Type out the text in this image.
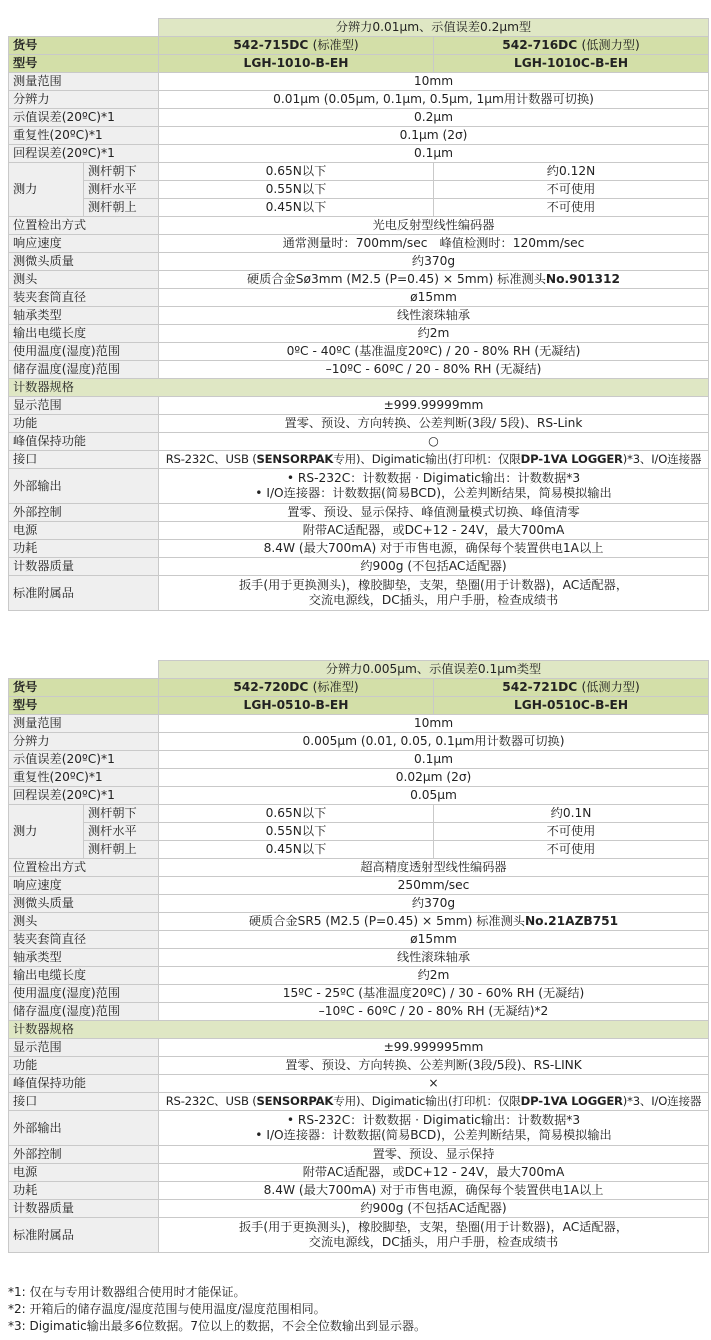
		分辨力0.01μm、示值误差0.2μm型	
货号		542-715DC (标准型)	542-716DC (低测力型)
型号		LGH-1010-B-EH	LGH-1010C-B-EH
测量范围		10mm	
分辨力		0.01μm (0.05μm, 0.1μm, 0.5μm, 1μm用计数器可切换)	
示值误差(20ºC)*1		0.2μm	
重复性(20ºC)*1		0.1μm (2σ)	
回程误差(20ºC)*1		0.1μm	
测力	测杆朝下	0.65N以下	约0.12N
	测杆水平	0.55N以下	不可使用
	测杆朝上	0.45N以下	不可使用
位置检出方式		光电反射型线性编码器	
响应速度		通常测量时：700mm/sec　峰值检测时：120mm/sec	
测微头质量		约370g	
测头		硬质合金Sø3mm (M2.5 (P=0.45) × 5mm) 标准测头No.901312	
装夹套筒直径		ø15mm	
轴承类型		线性滚珠轴承	
输出电缆长度		约2m	
使用温度(湿度)范围		0ºC - 40ºC (基准温度20ºC) / 20 - 80% RH (无凝结)	
储存温度(湿度)范围		–10ºC - 60ºC / 20 - 80% RH (无凝结)	
计数器规格			
显示范围		±999.99999mm	
功能		置零、预设、方向转换、公差判断(3段/ 5段)、RS-Link	
峰值保持功能		○	
接口		RS-232C、USB (SENSORPAK专用)、Digimatic输出(打印机：仅限DP-1VA LOGGER)*3、I/O连接器	
外部输出		• RS-232C：计数数据 · Digimatic输出：计数数据*3
• I/O连接器：计数数据(简易BCD)，公差判断结果，简易模拟输出	

外部控制		置零、预设、显示保持、峰值测量模式切换、峰值清零	
电源		附带AC适配器，或DC+12 - 24V，最大700mA	
功耗		8.4W (最大700mA) 对于市售电源，确保每个装置供电1A以上	
计数器质量		约900g (不包括AC适配器)	
标准附属品		扳手(用于更换测头)，橡胶脚垫，支架，垫圈(用于计数器)，AC适配器，
交流电源线，DC插头，用户手册，检查成绩书	
		分辨力0.005μm、示值误差0.1μm类型	
货号		542-720DC (标准型)	542-721DC (低测力型)
型号		LGH-0510-B-EH	LGH-0510C-B-EH
测量范围		10mm	
分辨力		0.005μm (0.01, 0.05, 0.1μm用计数器可切换)	
示值误差(20ºC)*1		0.1μm	
重复性(20ºC)*1		0.02μm (2σ)	
回程误差(20ºC)*1		0.05μm	
测力	测杆朝下	0.65N以下	约0.1N
	测杆水平	0.55N以下	不可使用
	测杆朝上	0.45N以下	不可使用
位置检出方式		超高精度透射型线性编码器	
响应速度		250mm/sec	
测微头质量		约370g	
测头		硬质合金SR5 (M2.5 (P=0.45) × 5mm) 标准测头No.21AZB751	
装夹套筒直径		ø15mm	
轴承类型		线性滚珠轴承	
输出电缆长度		约2m	
使用温度(湿度)范围		15ºC - 25ºC (基准温度20ºC) / 30 - 60% RH (无凝结)	
储存温度(湿度)范围		–10ºC - 60ºC / 20 - 80% RH (无凝结)*2	
计数器规格			
显示范围		±99.999995mm	
功能		置零、预设、方向转换、公差判断(3段/5段)、RS-LINK	
峰值保持功能		×	
接口		RS-232C、USB (SENSORPAK专用)、Digimatic输出(打印机：仅限DP-1VA LOGGER)*3、I/O连接器	
外部输出		• RS-232C：计数数据 · Digimatic输出：计数数据*3
• I/O连接器：计数数据(简易BCD)，公差判断结果，简易模拟输出	

外部控制		置零、预设、显示保持	
电源		附带AC适配器，或DC+12 - 24V，最大700mA	
功耗		8.4W (最大700mA) 对于市售电源，确保每个装置供电1A以上	
计数器质量		约900g (不包括AC适配器)	
标准附属品		扳手(用于更换测头)，橡胶脚垫，支架，垫圈(用于计数器)，AC适配器，
交流电源线，DC插头，用户手册，检查成绩书	
*1: 仅在与专用计数器组合使用时才能保证。
*2: 开箱后的储存温度/湿度范围与使用温度/湿度范围相同。
*3: Digimatic输出最多6位数据。7位以上的数据，不会全位数输出到显示器。
